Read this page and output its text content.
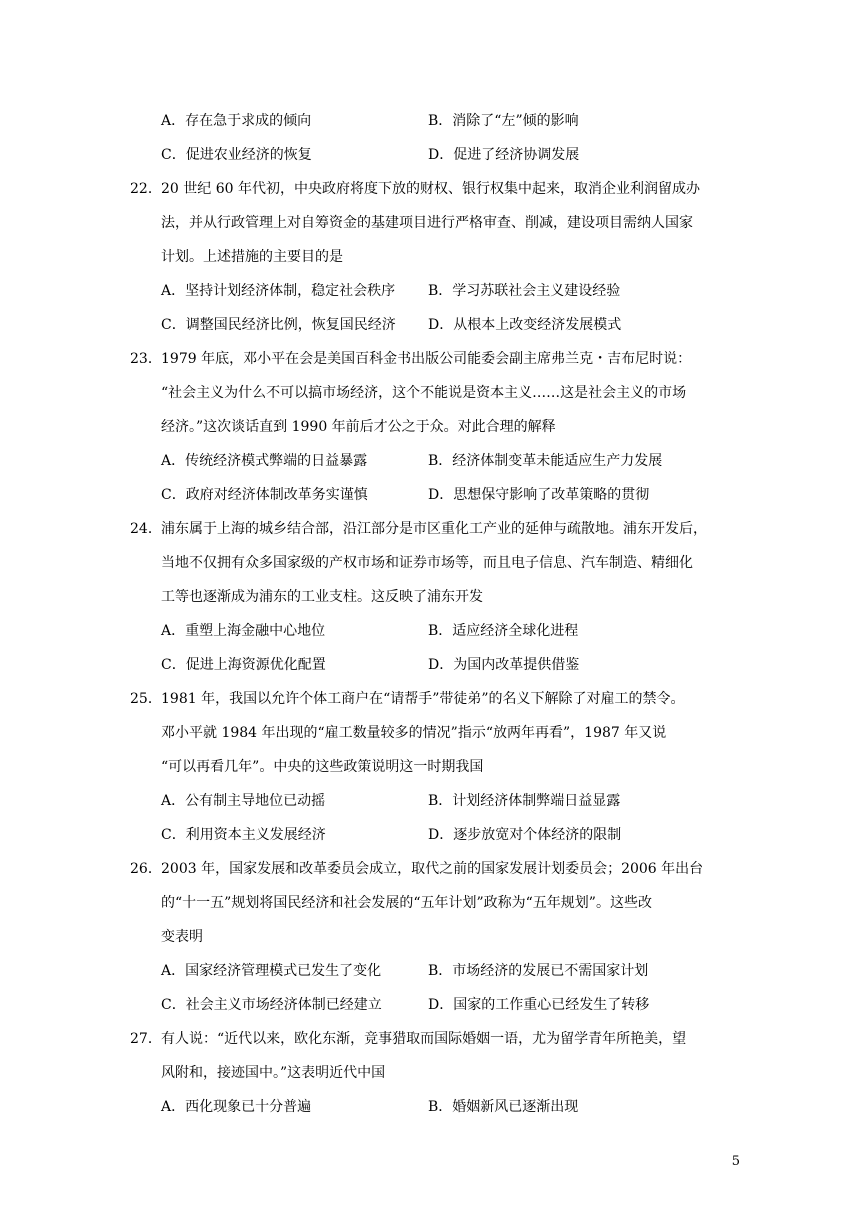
A．存在急于求成的倾向	B．消除了“左”倾的影响
C．促进农业经济的恢复	D．促进了经济协调发展
22． 20 世纪 60 年代初，中央政府将度下放的财权、银行权集中起来，取消企业利润留成办
法，并从行政管理上对自筹资金的基建项目进行严格审查、削减，建设项目需纳人国家
计划。上述措施的主要目的是
A．坚持计划经济体制，稳定社会秩序 B．学习苏联社会主义建设经验
C．调整国民经济比例，恢复国民经济 D．从根本上改变经济发展模式
23． 1979 年底，邓小平在会是美国百科金书出版公司能委会副主席弗兰克・吉布尼时说：
“社会主义为什么不可以搞市场经济，这个不能说是资本主义……这是社会主义的市场
经济。”这次谈话直到 1990 年前后才公之于众。对此合理的解释
A．传统经济模式弊端的日益暴露	B．经济体制变革未能适应生产力发展
C．政府对经济体制改革务实谨慎	D．思想保守影响了改革策略的贯彻
24． 浦东属于上海的城乡结合部，沿江部分是市区重化工产业的延伸与疏散地。浦东开发后，
当地不仅拥有众多国家级的产权市场和证券市场等，而且电子信息、汽车制造、精细化
工等也逐渐成为浦东的工业支柱。这反映了浦东开发
A．重塑上海金融中心地位	B．适应经济全球化进程
C．促进上海资源优化配置	D．为国内改革提供借鉴
25． 1981 年，我国以允许个体工商户在“请帮手”带徒弟”的名义下解除了对雇工的禁令。
邓小平就 1984 年出现的“雇工数量较多的情况”指示“放两年再看”，1987 年又说
“可以再看几年”。中央的这些政策说明这一时期我国
A．公有制主导地位已动摇	B．计划经济体制弊端日益显露
C．利用资本主义发展经济	D．逐步放宽对个体经济的限制
26． 2003 年，国家发展和改革委员会成立，取代之前的国家发展计划委员会；2006 年出台
的“十一五”规划将国民经济和社会发展的“五年计划”政称为“五年规划”。这些改
变表明
A．国家经济管理模式已发生了变化	B．市场经济的发展已不需国家计划
C．社会主义市场经济体制已经建立	D．国家的工作重心已经发生了转移
27． 有人说：“近代以来，欧化东渐，竞事猎取而国际婚姻一语，尤为留学青年所艳美，望
风附和，接迹国中。”这表明近代中国
A．西化现象已十分普遍	B．婚姻新风已逐渐出现
5
